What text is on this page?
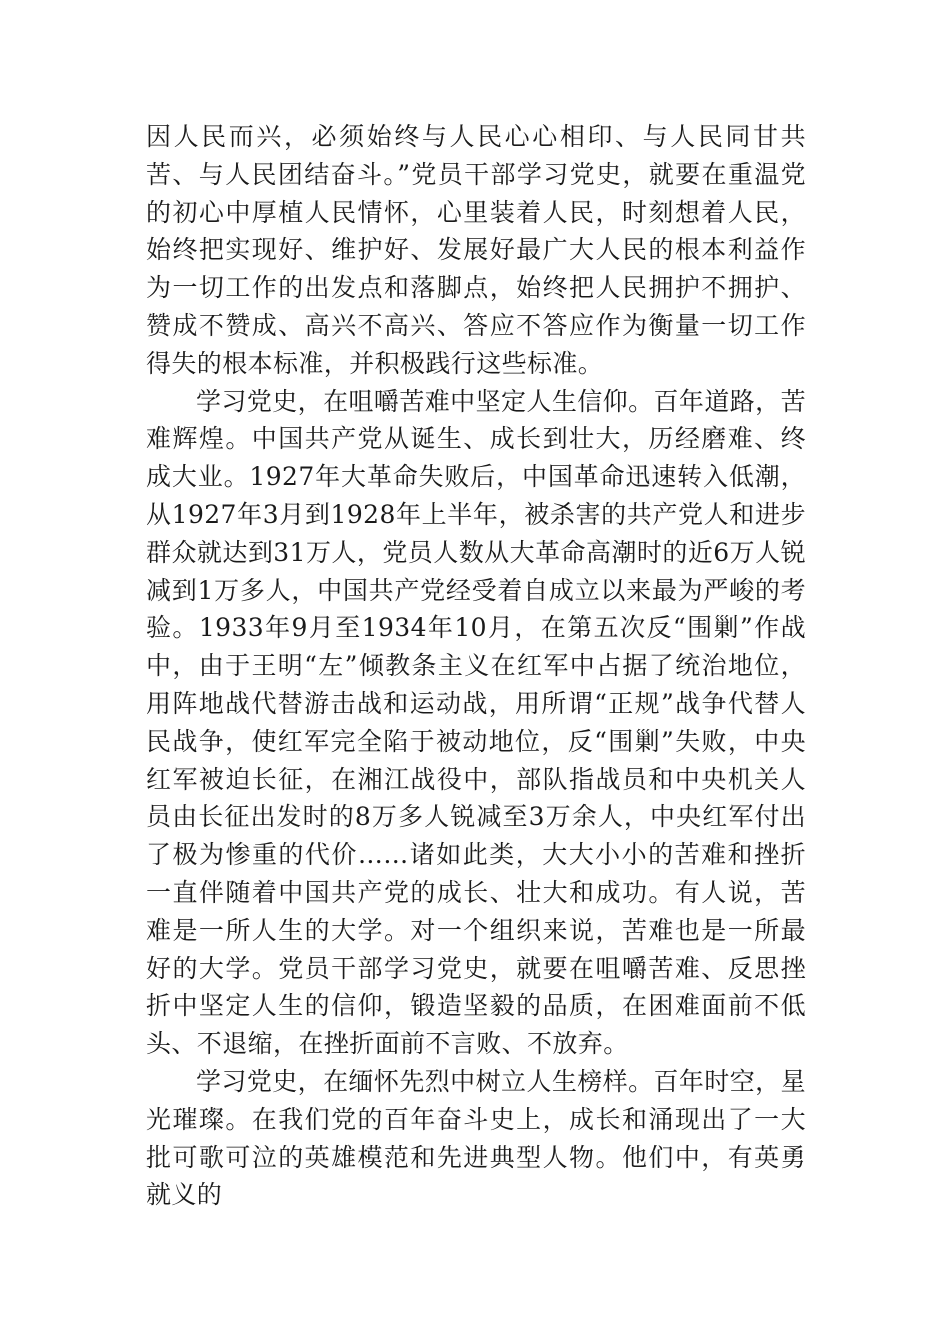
因人民而兴，必须始终与人民心心相印、与人民同甘共苦、与人民团结奋斗。”党员干部学习党史，就要在重温党的初心中厚植人民情怀，心里装着人民，时刻想着人民，始终把实现好、维护好、发展好最广大人民的根本利益作为一切工作的出发点和落脚点，始终把人民拥护不拥护、赞成不赞成、高兴不高兴、答应不答应作为衡量一切工作得失的根本标准，并积极践行这些标准。

学习党史，在咀嚼苦难中坚定人生信仰。百年道路，苦难辉煌。中国共产党从诞生、成长到壮大，历经磨难、终成大业。1927年大革命失败后，中国革命迅速转入低潮，从1927年3月到1928年上半年，被杀害的共产党人和进步群众就达到31万人，党员人数从大革命高潮时的近6万人锐减到1万多人，中国共产党经受着自成立以来最为严峻的考验。1933年9月至1934年10月，在第五次反“围剿”作战中，由于王明“左”倾教条主义在红军中占据了统治地位，用阵地战代替游击战和运动战，用所谓“正规”战争代替人民战争，使红军完全陷于被动地位，反“围剿”失败，中央红军被迫长征，在湘江战役中，部队指战员和中央机关人员由长征出发时的8万多人锐减至3万余人，中央红军付出了极为惨重的代价……诸如此类，大大小小的苦难和挫折一直伴随着中国共产党的成长、壮大和成功。有人说，苦难是一所人生的大学。对一个组织来说，苦难也是一所最好的大学。党员干部学习党史，就要在咀嚼苦难、反思挫折中坚定人生的信仰，锻造坚毅的品质，在困难面前不低头、不退缩，在挫折面前不言败、不放弃。

学习党史，在缅怀先烈中树立人生榜样。百年时空，星光璀璨。在我们党的百年奋斗史上，成长和涌现出了一大批可歌可泣的英雄模范和先进典型人物。他们中，有英勇就义的
